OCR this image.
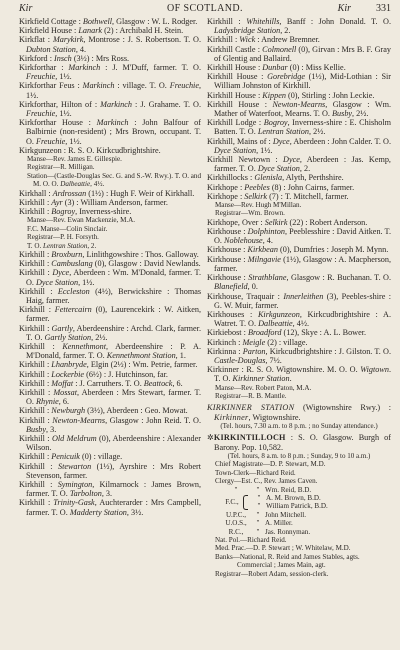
Kir	OF SCOTLAND.	Kir	331
Kirkfield Cottage : Bothwell, Glasgow : W. L. Rodger.
Kirkfield House : Lanark (2) : Archibald H. Stein.
Kirkflat : Marykirk, Montrose : J. S. Robertson. T. O. Dubton Station, 4.
Kirkford : Insch (3½) : Mrs Ross.
Kirkforthar : Markinch : J. M'Duff, farmer. T. O. Freuchie, 1½.
Kirkforthar Feus : Markinch : village. T. O. Freuchie, 1½.
Kirkforthar, Hilton of : Markinch : J. Grahame. T. O. Freuchie, 1½.
Kirkforthar House : Markinch : John Balfour of Balbirnie (non-resident) ; Mrs Brown, occupant. T. O. Freuchie, 1½.
Kirkgunzeon : R. S. O. Kirkcudbrightshire.
Manse—Rev. James E. Gillespie.
Registrar—R. Milligan.
Station—(Castle-Douglas Sec. G. and S.-W. Rwy.). T. O. and M. O. O. Dalbeattie, 4½.
Kirkhall : Ardrossan (1½) : Hugh F. Weir of Kirkhall.
Kirkhill : Ayr (3) : William Anderson, farmer.
Kirkhill : Bogroy, Inverness-shire.
Manse—Rev. Ewan Mackenzie, M.A.
F.C. Manse—Colin Sinclair.
Registrar—P. H. Forsyth.
T. O. Lentran Station, 2.
Kirkhill : Broxburn, Linlithgowshire : Thos. Galloway.
Kirkhill : Cambuslang (0), Glasgow : David Newlands.
Kirkhill : Dyce, Aberdeen : Wm. M'Donald, farmer. T. O. Dyce Station, 1½.
Kirkhill : Eccleston (4½), Berwickshire : Thomas Haig, farmer.
Kirkhill : Fettercairn (0), Laurencekirk : W. Aitken, farmer.
Kirkhill : Gartly, Aberdeenshire : Archd. Clark, farmer. T. O. Gartly Station, 2½.
Kirkhill : Kennethmont, Aberdeenshire : P. A. M'Donald, farmer. T. O. Kennethmont Station, 1.
Kirkhill : Lhanbryde, Elgin (2½) : Wm. Petrie, farmer.
Kirkhill : Lockerbie (6½) : J. Hutchinson, far.
Kirkhill : Moffat : J. Carruthers. T. O. Beattock, 6.
Kirkhill : Mossat, Aberdeen : Mrs Stewart, farmer. T. O. Rhynie, 6.
Kirkhill : Newburgh (3½), Aberdeen : Geo. Mowat.
Kirkhill : Newton-Mearns, Glasgow : John Reid. T. O. Busby, 3.
Kirkhill : Old Meldrum (0), Aberdeenshire : Alexander Wilson.
Kirkhill : Penicuik (0) : village.
Kirkhill : Stewarton (1½), Ayrshire : Mrs Robert Stevenson, farmer.
Kirkhill : Symington, Kilmarnock : James Brown, farmer. T. O. Tarbolton, 3.
Kirkhill : Trinity-Gask, Auchterarder : Mrs Campbell, farmer. T. O. Madderty Station, 3½.
Kirkhill : Whitehills, Banff : John Donald. T. O. Ladysbridge Station, 2.
Kirkhill : Wick : Andrew Bremner.
Kirkhill Castle : Colmonell (0), Girvan : Mrs B. F. Gray of Glentig and Ballaird.
Kirkhill House : Dunbar (0) : Miss Kellie.
Kirkhill House : Gorebridge (1½), Mid-Lothian : Sir William Johnston of Kirkhill.
Kirkhill House : Kippen (0), Stirling : John Leckie.
Kirkhill House : Newton-Mearns, Glasgow : Wm. Mather of Waterfoot, Mearns. T. O. Busby, 2½.
Kirkhill Lodge : Bogroy, Inverness-shire : E. Chisholm Batten. T. O. Lentran Station, 2½.
Kirkhill, Mains of : Dyce, Aberdeen : John Calder. T. O. Dyce Station, 1½.
Kirkhill Newtown : Dyce, Aberdeen : Jas. Kemp, farmer. T. O. Dyce Station, 2.
Kirkhillocks : Glenisla, Alyth, Perthshire.
Kirkhope : Peebles (8) : John Cairns, farmer.
Kirkhope : Selkirk (7) : T. Mitchell, farmer.
Manse—Rev. Hugh M'Millan.
Registrar—Wm. Brown.
Kirkhope, Over : Selkirk (22) : Robert Anderson.
Kirkhouse : Dolphinton, Peeblesshire : David Aitken. T. O. Noblehouse, 4.
Kirkhouse : Kirkbean (0), Dumfries : Joseph M. Mynn.
Kirkhouse : Milngavie (1½), Glasgow : A. Macpherson, farmer.
Kirkhouse : Strathblane, Glasgow : R. Buchanan. T. O. Blanefield, 0.
Kirkhouse, Traquair : Innerleithen (3), Peebles-shire : G. W. Muir, farmer.
Kirkhouses : Kirkgunzeon, Kirkcudbrightshire : A. Watret. T. O. Dalbeattie, 4½.
Kirkiebost : Broadford (12), Skye : A. L. Bower.
Kirkinch : Meigle (2) : village.
Kirkinna : Parton, Kirkcudbrightshire : J. Gilston. T. O. Castle-Douglas, 7½.
Kirkinner : R. S. O. Wigtownshire. M. O. O. Wigtown. T. O. Kirkinner Station.
Manse—Rev. Robert Paton, M.A.
Registrar—R. B. Mantle.
KIRKINNER STATION (Wigtownshire Rwy.) : Kirkinner, Wigtownshire.
(Tel. hours, 7.30 a.m. to 8 p.m. ; no Sunday attendance.)
✲KIRKINTILLOCH : S. O. Glasgow. Burgh of Barony. Pop. 10,582.
(Tel. hours, 8 a.m. to 8 p.m. ; Sunday, 9 to 10 a.m.)
Chief Magistrate—D. P. Stewart, M.D.
Town-Clerk—Richard Reid.
Clergy—Est. C., Rev. James Caven.
"	" Wm. Reid, B.D.
F.C.,
" A. M. Brown, B.D.
" William Patrick, B.D.
U.P.C.,	" John Mitchell.
U.O.S.,	" A. Miller.
R.C.,	" Jas. Ronnyman.
Nat. Pol.—Richard Reid.
Med. Prac.—D. P. Stewart ; W. Whitelaw, M.D.
Banks—National, R. Reid and James Stables, agts.
Commercial ; James Main, agt.
Registrar—Robert Adam, session-clerk.
